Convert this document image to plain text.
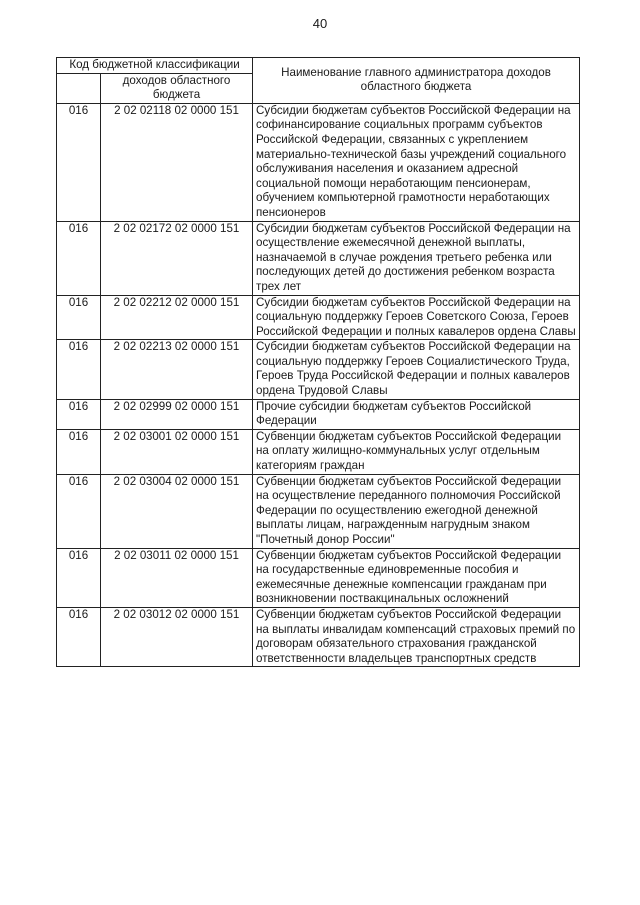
40
Код бюджетной классификации		Наименование главного администратора доходов областного бюджета
	доходов областного бюджета	
016	2 02 02118 02 0000 151	Субсидии бюджетам субъектов Российской Федерации на софинансирование социальных программ субъектов Российской Федерации, связанных с укреплением материально-технической базы учреждений социального обслуживания населения и оказанием адресной социальной помощи неработающим пенсионерам, обучением компьютерной грамотности неработающих пенсионеров
016	2 02 02172 02 0000 151	Субсидии бюджетам субъектов Российской Федерации на осуществление ежемесячной денежной выплаты, назначаемой в случае рождения третьего ребенка или последующих детей до достижения ребенком возраста трех лет
016	2 02 02212 02 0000 151	Субсидии бюджетам субъектов Российской Федерации на социальную поддержку Героев Советского Союза, Героев Российской Федерации и полных кавалеров ордена Славы
016	2 02 02213 02 0000 151	Субсидии бюджетам субъектов Российской Федерации на социальную поддержку Героев Социалистического Труда, Героев Труда Российской Федерации и полных кавалеров ордена Трудовой Славы
016	2 02 02999 02 0000 151	Прочие субсидии бюджетам субъектов Российской Федерации
016	2 02 03001 02 0000 151	Субвенции бюджетам субъектов Российской Федерации на оплату жилищно-коммунальных услуг отдельным категориям граждан
016	2 02 03004 02 0000 151	Субвенции бюджетам субъектов Российской Федерации на осуществление переданного полномочия Российской Федерации по осуществлению ежегодной денежной выплаты лицам, награжденным нагрудным знаком "Почетный донор России"
016	2 02 03011 02 0000 151	Субвенции бюджетам субъектов Российской Федерации на государственные единовременные пособия и ежемесячные денежные компенсации гражданам при возникновении поствакцинальных осложнений
016	2 02 03012 02 0000 151	Субвенции бюджетам субъектов Российской Федерации на выплаты инвалидам компенсаций страховых премий по договорам обязательного страхования гражданской ответственности владельцев транспортных средств
